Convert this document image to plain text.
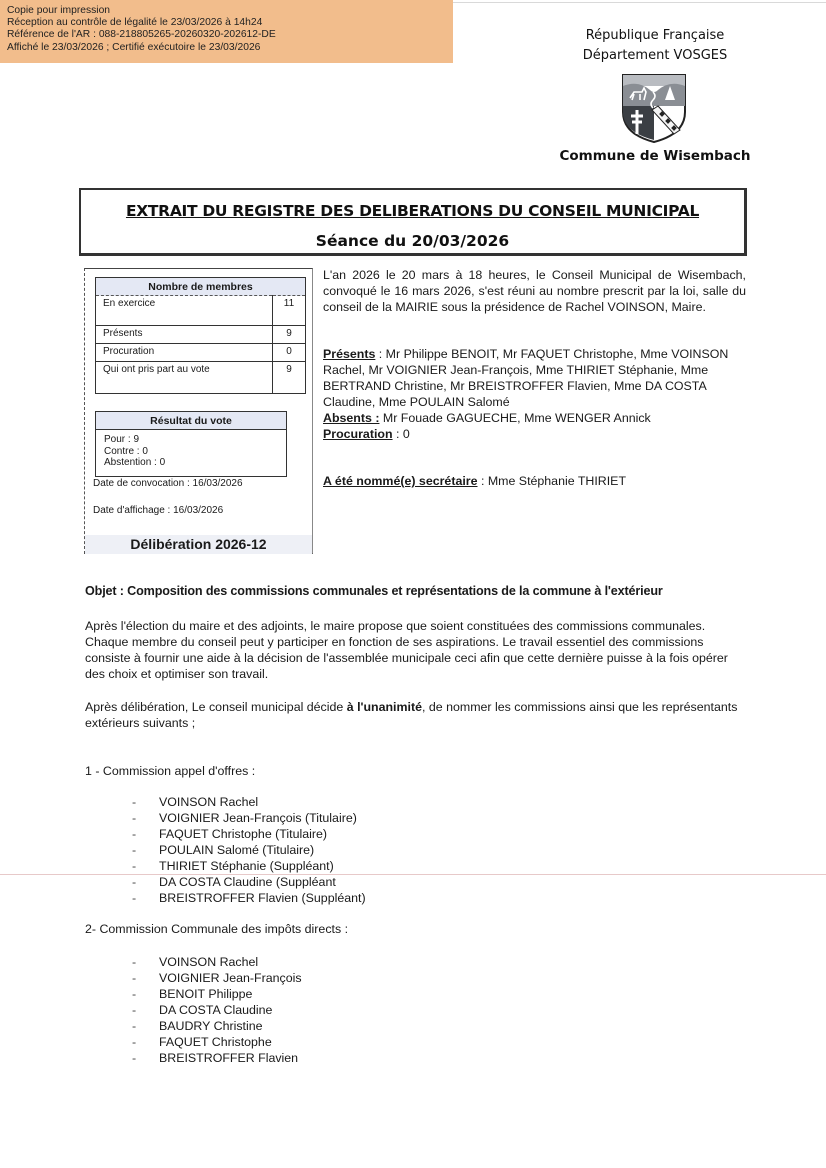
Copie pour impression
Réception au contrôle de légalité le 23/03/2026 à 14h24
Référence de l'AR : 088-218805265-20260320-202612-DE
Affiché le 23/03/2026 ; Certifié exécutoire le 23/03/2026
République Française
Département VOSGES
Commune de Wisembach
EXTRAIT DU REGISTRE DES DELIBERATIONS DU CONSEIL MUNICIPAL
Séance du 20/03/2026
Nombre de membres	
En exercice	11
Présents	9
Procuration	0
Qui ont pris part au vote	9
Résultat du vote
Pour : 9
Contre : 0
Abstention : 0
Date de convocation : 16/03/2026
Date d'affichage : 16/03/2026
Délibération 2026-12
L'an 2026 le 20 mars à 18 heures, le Conseil Municipal de Wisembach, convoqué le 16 mars 2026, s'est réuni au nombre prescrit par la loi, salle du conseil de la MAIRIE sous la présidence de Rachel VOINSON, Maire.
Présents : Mr Philippe BENOIT, Mr FAQUET Christophe, Mme VOINSON Rachel, Mr VOIGNIER Jean-François, Mme THIRIET Stéphanie, Mme BERTRAND Christine, Mr BREISTROFFER Flavien, Mme DA COSTA Claudine, Mme POULAIN Salomé
Absents : Mr Fouade GAGUECHE, Mme WENGER Annick
Procuration : 0
A été nommé(e) secrétaire : Mme Stéphanie THIRIET
Objet : Composition des commissions communales et représentations de la commune à l'extérieur
Après l'élection du maire et des adjoints, le maire propose que soient constituées des commissions communales. Chaque membre du conseil peut y participer en fonction de ses aspirations. Le travail essentiel des commissions consiste à fournir une aide à la décision de l'assemblée municipale ceci afin que cette dernière puisse à la fois opérer des choix et optimiser son travail.
Après délibération, Le conseil municipal décide à l'unanimité, de nommer les commissions ainsi que les représentants extérieurs suivants ;
1 - Commission appel d'offres :
-	VOINSON Rachel
-	VOIGNIER Jean-François (Titulaire)
-	FAQUET Christophe (Titulaire)
-	POULAIN Salomé (Titulaire)
-	THIRIET Stéphanie (Suppléant)
-	DA COSTA Claudine (Suppléant
-	BREISTROFFER Flavien (Suppléant)
2- Commission Communale des impôts directs :
-	VOINSON Rachel
-	VOIGNIER Jean-François
-	BENOIT Philippe
-	DA COSTA Claudine
-	BAUDRY Christine
-	FAQUET Christophe
-	BREISTROFFER Flavien
